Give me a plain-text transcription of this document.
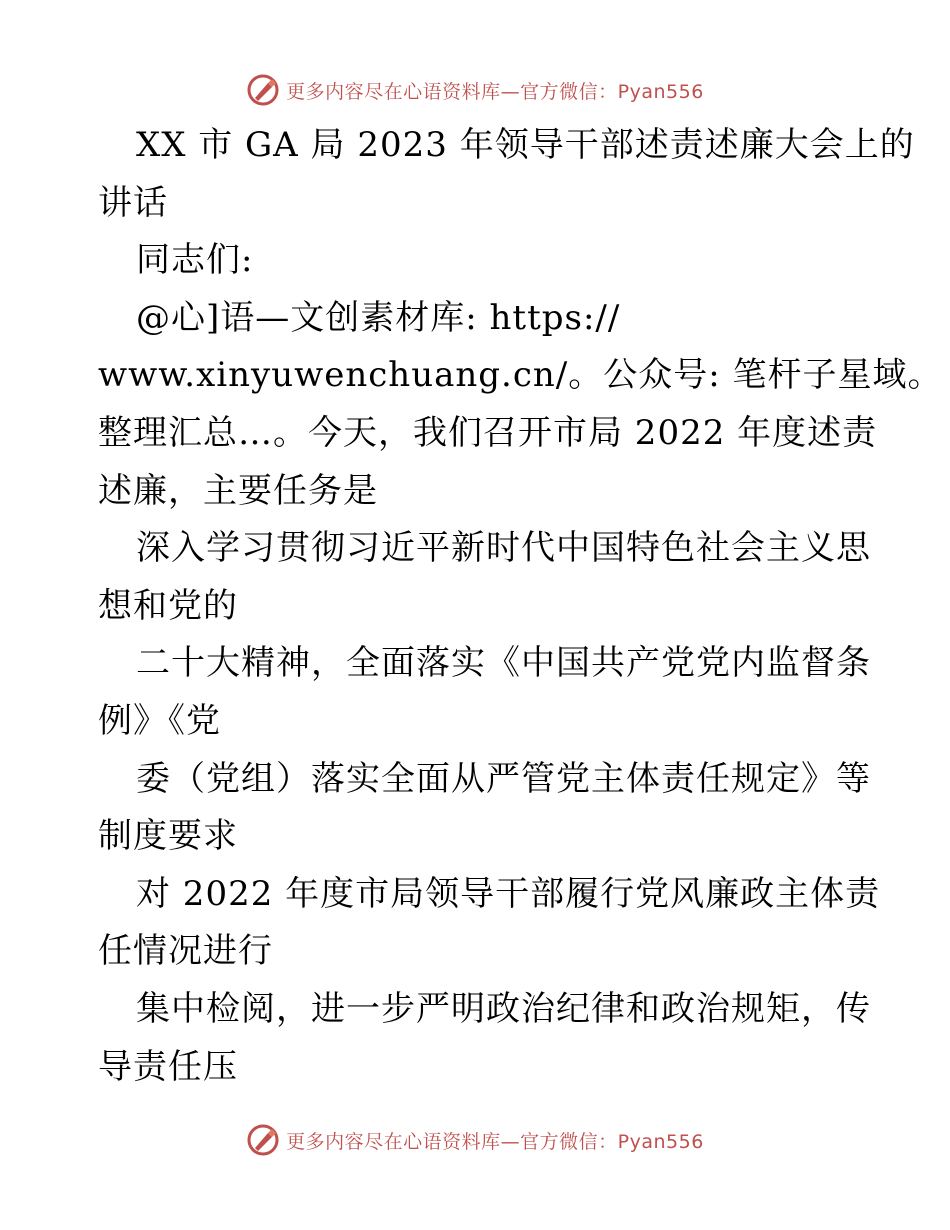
更多内容尽在心语资料库—官方微信：Pyan556
XX 市 GA 局 2023 年领导干部述责述廉大会上的
讲话
同志们:
@心]语—文创素材库: https://
www.xinyuwenchuang.cn/。公众号: 笔杆子星域。
整理汇总…。今天，我们召开市局 2022 年度述责
述廉，主要任务是
深入学习贯彻习近平新时代中国特色社会主义思
想和党的
二十大精神，全面落实《中国共产党党内监督条
例》《党
委（党组）落实全面从严管党主体责任规定》等
制度要求
对 2022 年度市局领导干部履行党风廉政主体责
任情况进行
集中检阅，进一步严明政治纪律和政治规矩，传
导责任压
更多内容尽在心语资料库—官方微信：Pyan556
